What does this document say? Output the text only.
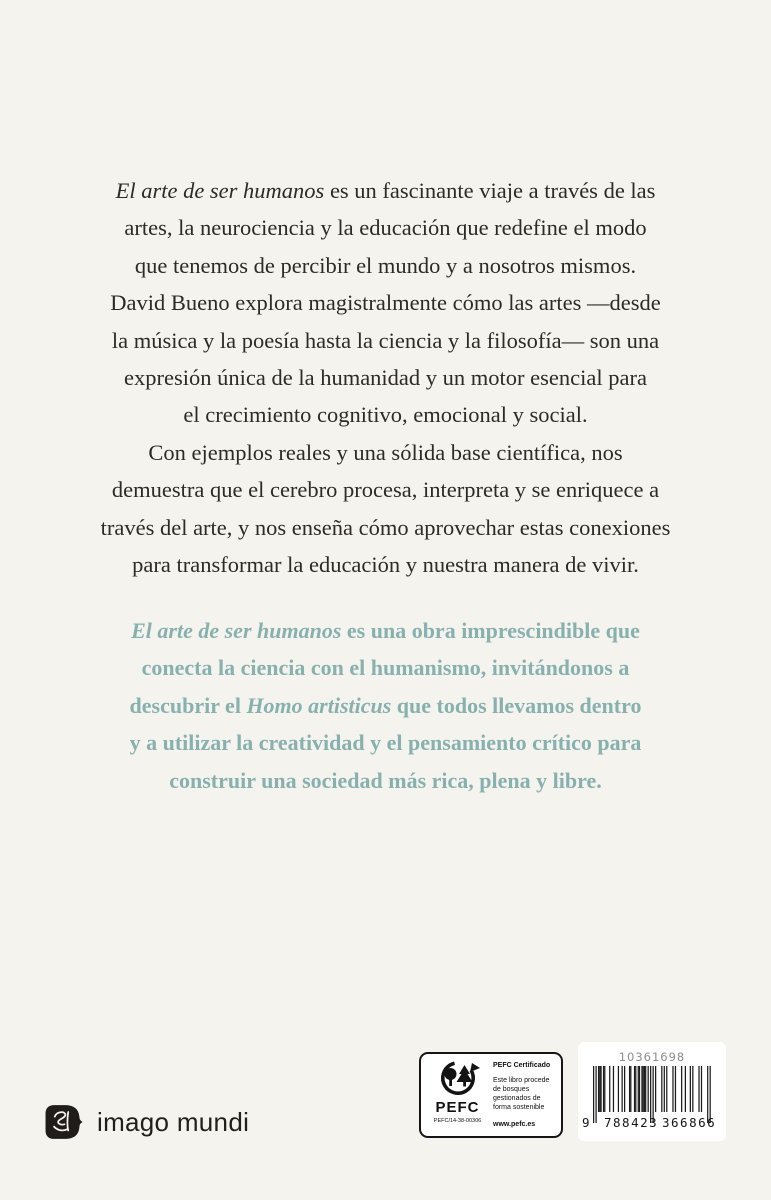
El arte de ser humanos es un fascinante viaje a través de las
artes, la neurociencia y la educación que redefine el modo
que tenemos de percibir el mundo y a nosotros mismos.
David Bueno explora magistralmente cómo las artes —desde
la música y la poesía hasta la ciencia y la filosofía— son una
expresión única de la humanidad y un motor esencial para
el crecimiento cognitivo, emocional y social.
Con ejemplos reales y una sólida base científica, nos
demuestra que el cerebro procesa, interpreta y se enriquece a
través del arte, y nos enseña cómo aprovechar estas conexiones
para transformar la educación y nuestra manera de vivir.
El arte de ser humanos es una obra imprescindible que
conecta la ciencia con el humanismo, invitándonos a
descubrir el Homo artisticus que todos llevamos dentro
y a utilizar la creatividad y el pensamiento crítico para
construir una sociedad más rica, plena y libre.
imago mundi	PEFC
PEFC/14-38-00306
PEFC Certificado
Este libro procede de bosques gestionados de forma sostenible
www.pefc.es
10361698
9 788423 366866
